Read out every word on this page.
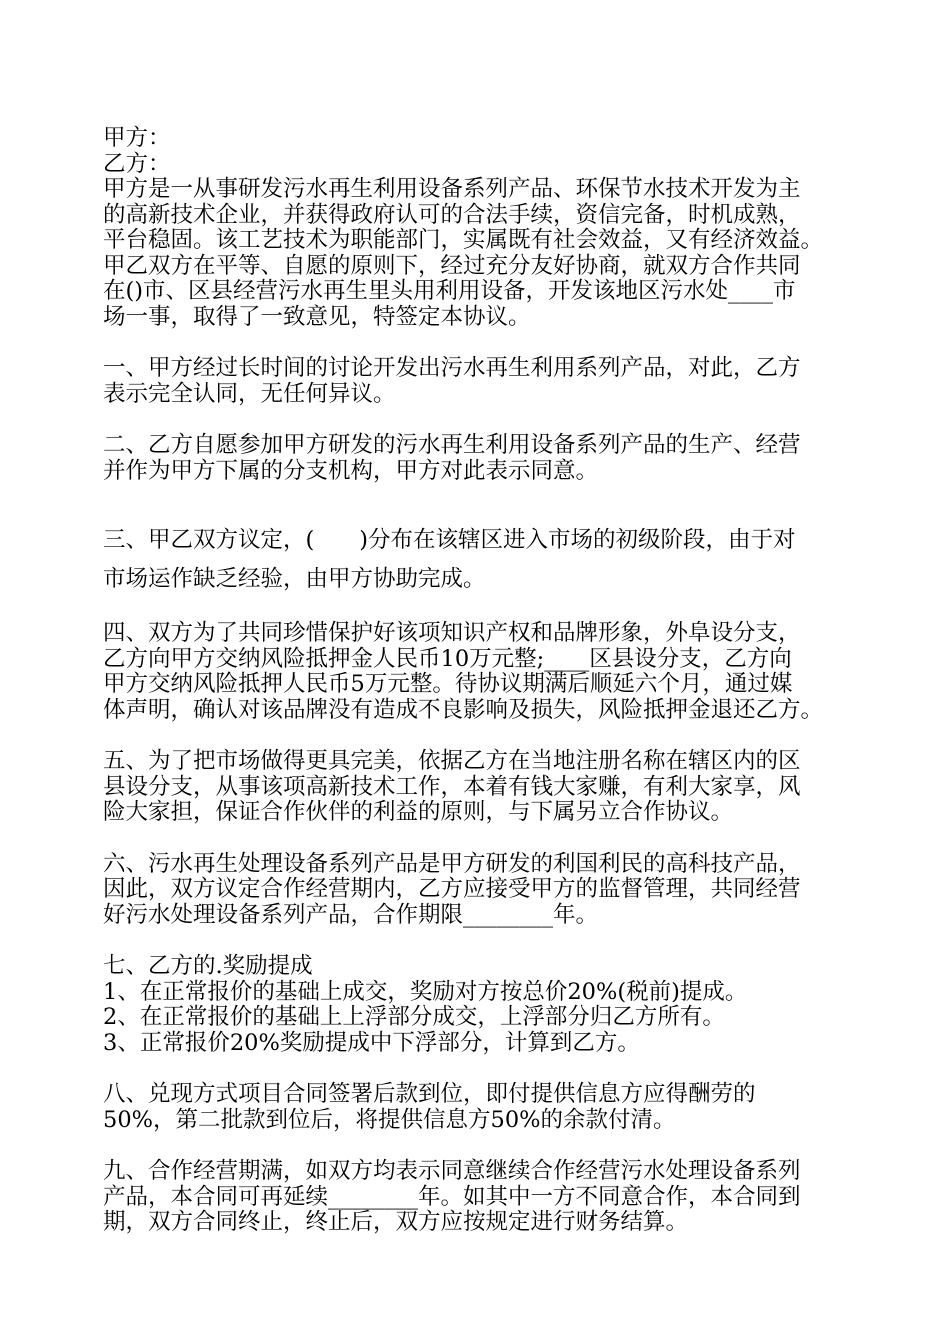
甲方：
乙方：
甲方是一从事研发污水再生利用设备系列产品、环保节水技术开发为主
的高新技术企业，并获得政府认可的合法手续，资信完备，时机成熟，
平台稳固。该工艺技术为职能部门，实属既有社会效益，又有经济效益。
甲乙双方在平等、自愿的原则下，经过充分友好协商，就双方合作共同
在()市、区县经营污水再生里头用利用设备，开发该地区污水处____市
场一事，取得了一致意见，特签定本协议。
一、甲方经过长时间的讨论开发出污水再生利用系列产品，对此，乙方
表示完全认同，无任何异议。
二、乙方自愿参加甲方研发的污水再生利用设备系列产品的生产、经营
并作为甲方下属的分支机构，甲方对此表示同意。
三、甲乙双方议定，(　　)分布在该辖区进入市场的初级阶段，由于对
市场运作缺乏经验，由甲方协助完成。
四、双方为了共同珍惜保护好该项知识产权和品牌形象，外阜设分支，
乙方向甲方交纳风险抵押金人民币10万元整;____区县设分支，乙方向
甲方交纳风险抵押人民币5万元整。待协议期满后顺延六个月，通过媒
体声明，确认对该品牌没有造成不良影响及损失，风险抵押金退还乙方。
五、为了把市场做得更具完美，依据乙方在当地注册名称在辖区内的区
县设分支，从事该项高新技术工作，本着有钱大家赚，有利大家享，风
险大家担，保证合作伙伴的利益的原则，与下属另立合作协议。
六、污水再生处理设备系列产品是甲方研发的利国利民的高科技产品，
因此，双方议定合作经营期内，乙方应接受甲方的监督管理，共同经营
好污水处理设备系列产品，合作期限________年。
七、乙方的.奖励提成
1、在正常报价的基础上成交，奖励对方按总价20%(税前)提成。
2、在正常报价的基础上上浮部分成交，上浮部分归乙方所有。
3、正常报价20%奖励提成中下浮部分，计算到乙方。
八、兑现方式项目合同签署后款到位，即付提供信息方应得酬劳的
50%，第二批款到位后，将提供信息方50%的余款付清。
九、合作经营期满，如双方均表示同意继续合作经营污水处理设备系列
产品，本合同可再延续________年。如其中一方不同意合作，本合同到
期，双方合同终止，终止后，双方应按规定进行财务结算。
